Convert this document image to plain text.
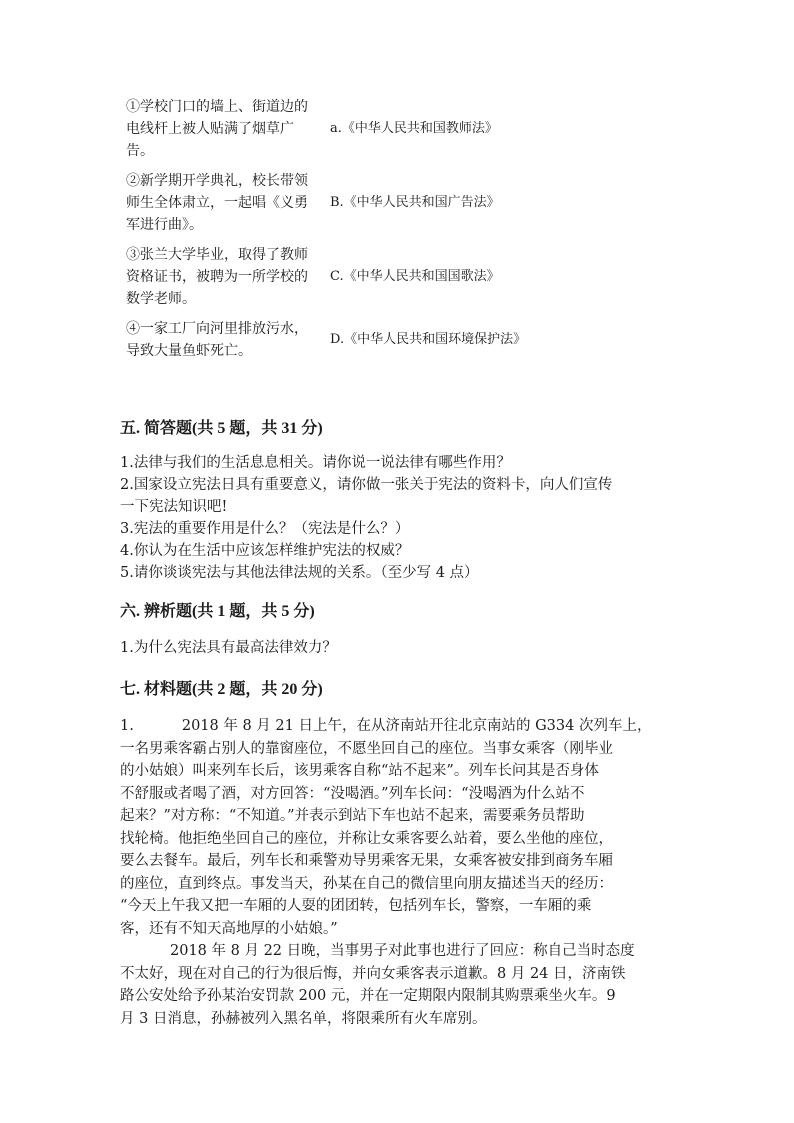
①学校门口的墙上、街道边的
电线杆上被人贴满了烟草广
告。	a.《中华人民共和国教师法》

②新学期开学典礼，校长带领
师生全体肃立，一起唱《义勇
军进行曲》。	B.《中华人民共和国广告法》

③张兰大学毕业，取得了教师
资格证书，被聘为一所学校的
数学老师。	C.《中华人民共和国国歌法》

④一家工厂向河里排放污水，
导致大量鱼虾死亡。	D.《中华人民共和国环境保护法》
五. 简答题(共 5 题，共 31 分)
1.法律与我们的生活息息相关。请你说一说法律有哪些作用？
2.国家设立宪法日具有重要意义，请你做一张关于宪法的资料卡，向人们宣传
一下宪法知识吧!
3.宪法的重要作用是什么？（宪法是什么？）
4.你认为在生活中应该怎样维护宪法的权威？
5.请你谈谈宪法与其他法律法规的关系。（至少写 4 点）
六. 辨析题(共 1 题，共 5 分)
1.为什么宪法具有最高法律效力？
七. 材料题(共 2 题，共 20 分)
1.	2018 年 8 月 21 日上午，在从济南站开往北京南站的 G334 次列车上，
一名男乘客霸占别人的靠窗座位，不愿坐回自己的座位。当事女乘客（刚毕业
的小姑娘）叫来列车长后，该男乘客自称“站不起来”。列车长问其是否身体
不舒服或者喝了酒，对方回答：“没喝酒。”列车长问：“没喝酒为什么站不
起来？”对方称：“不知道。”并表示到站下车也站不起来，需要乘务员帮助
找轮椅。他拒绝坐回自己的座位，并称让女乘客要么站着，要么坐他的座位，
要么去餐车。最后，列车长和乘警劝导男乘客无果，女乘客被安排到商务车厢
的座位，直到终点。事发当天，孙某在自己的微信里向朋友描述当天的经历：
“今天上午我又把一车厢的人耍的团团转，包括列车长，警察，一车厢的乘
客，还有不知天高地厚的小姑娘。”
2018 年 8 月 22 日晚，当事男子对此事也进行了回应：称自己当时态度
不太好，现在对自己的行为很后悔，并向女乘客表示道歉。8 月 24 日，济南铁
路公安处给予孙某治安罚款 200 元，并在一定期限内限制其购票乘坐火车。9
月 3 日消息，孙赫被列入黑名单，将限乘所有火车席别。
